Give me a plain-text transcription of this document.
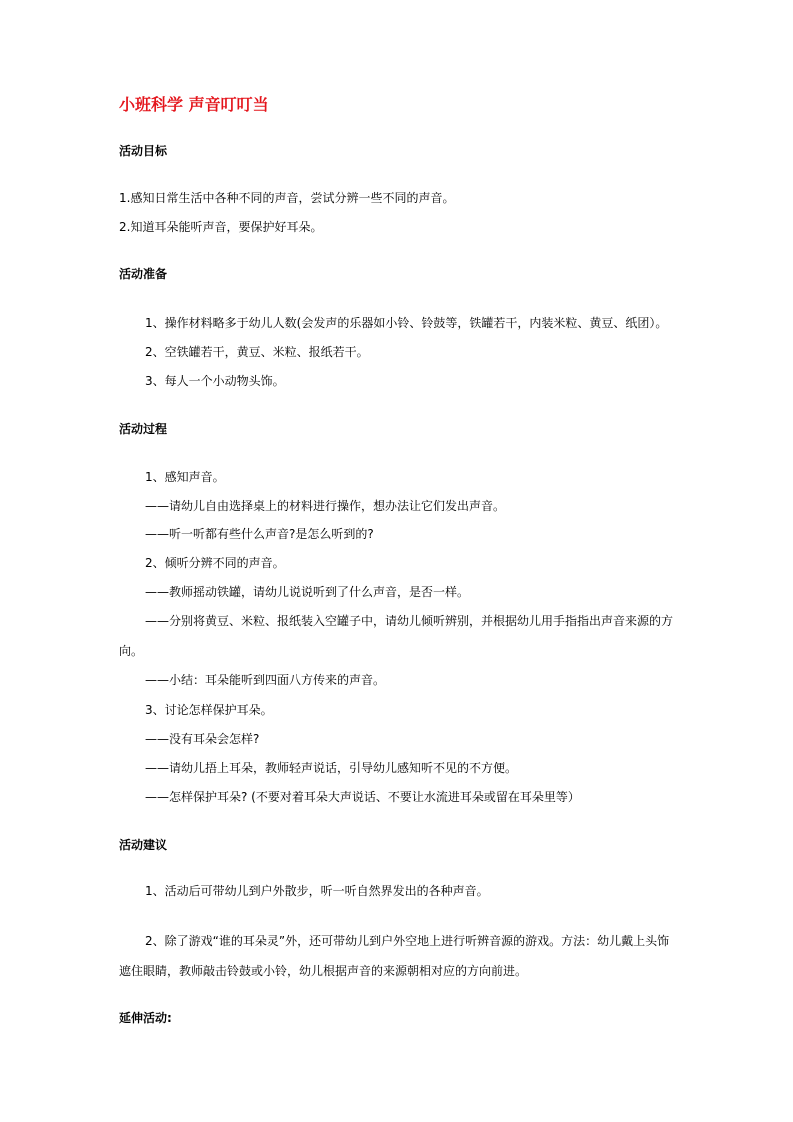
小班科学 声音叮叮当
活动目标
1.感知日常生活中各种不同的声音，尝试分辨一些不同的声音。
2.知道耳朵能听声音，要保护好耳朵。
活动准备
1、操作材料略多于幼儿人数(会发声的乐器如小铃、铃鼓等，铁罐若干，内装米粒、黄豆、纸团）。
2、空铁罐若干，黄豆、米粒、报纸若干。
3、每人一个小动物头饰。
活动过程
1、感知声音。
——请幼儿自由选择桌上的材料进行操作，想办法让它们发出声音。
——听一听都有些什么声音?是怎么听到的?
2、倾听分辨不同的声音。
——教师摇动铁罐，请幼儿说说听到了什么声音，是否一样。
——分别将黄豆、米粒、报纸装入空罐子中，请幼儿倾听辨别，并根据幼儿用手指指出声音来源的方向。
——小结：耳朵能听到四面八方传来的声音。
3、讨论怎样保护耳朵。
——没有耳朵会怎样?
——请幼儿捂上耳朵，教师轻声说话，引导幼儿感知听不见的不方便。
——怎样保护耳朵? (不要对着耳朵大声说话、不要让水流进耳朵或留在耳朵里等）
活动建议
1、活动后可带幼儿到户外散步，听一听自然界发出的各种声音。
2、除了游戏“谁的耳朵灵”外，还可带幼儿到户外空地上进行听辨音源的游戏。方法：幼儿戴上头饰遮住眼睛，教师敲击铃鼓或小铃，幼儿根据声音的来源朝相对应的方向前进。
延伸活动:
